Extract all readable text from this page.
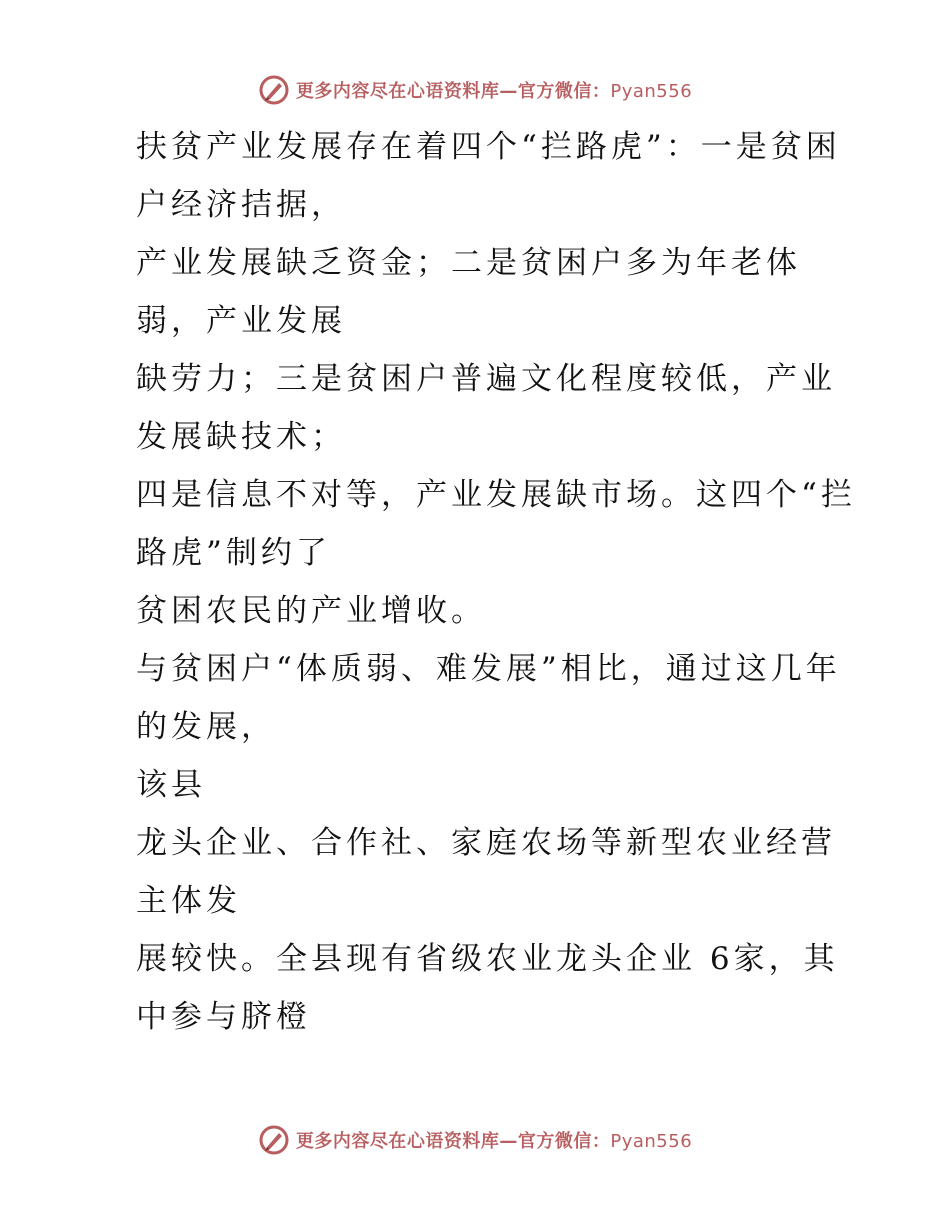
更多内容尽在心语资料库—官方微信：Pyan556

扶贫产业发展存在着四个“拦路虎”：一是贫困户经济拮据，

产业发展缺乏资金；二是贫困户多为年老体弱，产业发展

缺劳力；三是贫困户普遍文化程度较低，产业发展缺技术；

四是信息不对等，产业发展缺市场。这四个“拦路虎”制约了

贫困农民的产业增收。

与贫困户“体质弱、难发展”相比，通过这几年的发展，

该县

龙头企业、合作社、家庭农场等新型农业经营主体发

展较快。全县现有省级农业龙头企业 6家，其中参与脐橙

更多内容尽在心语资料库—官方微信：Pyan556
